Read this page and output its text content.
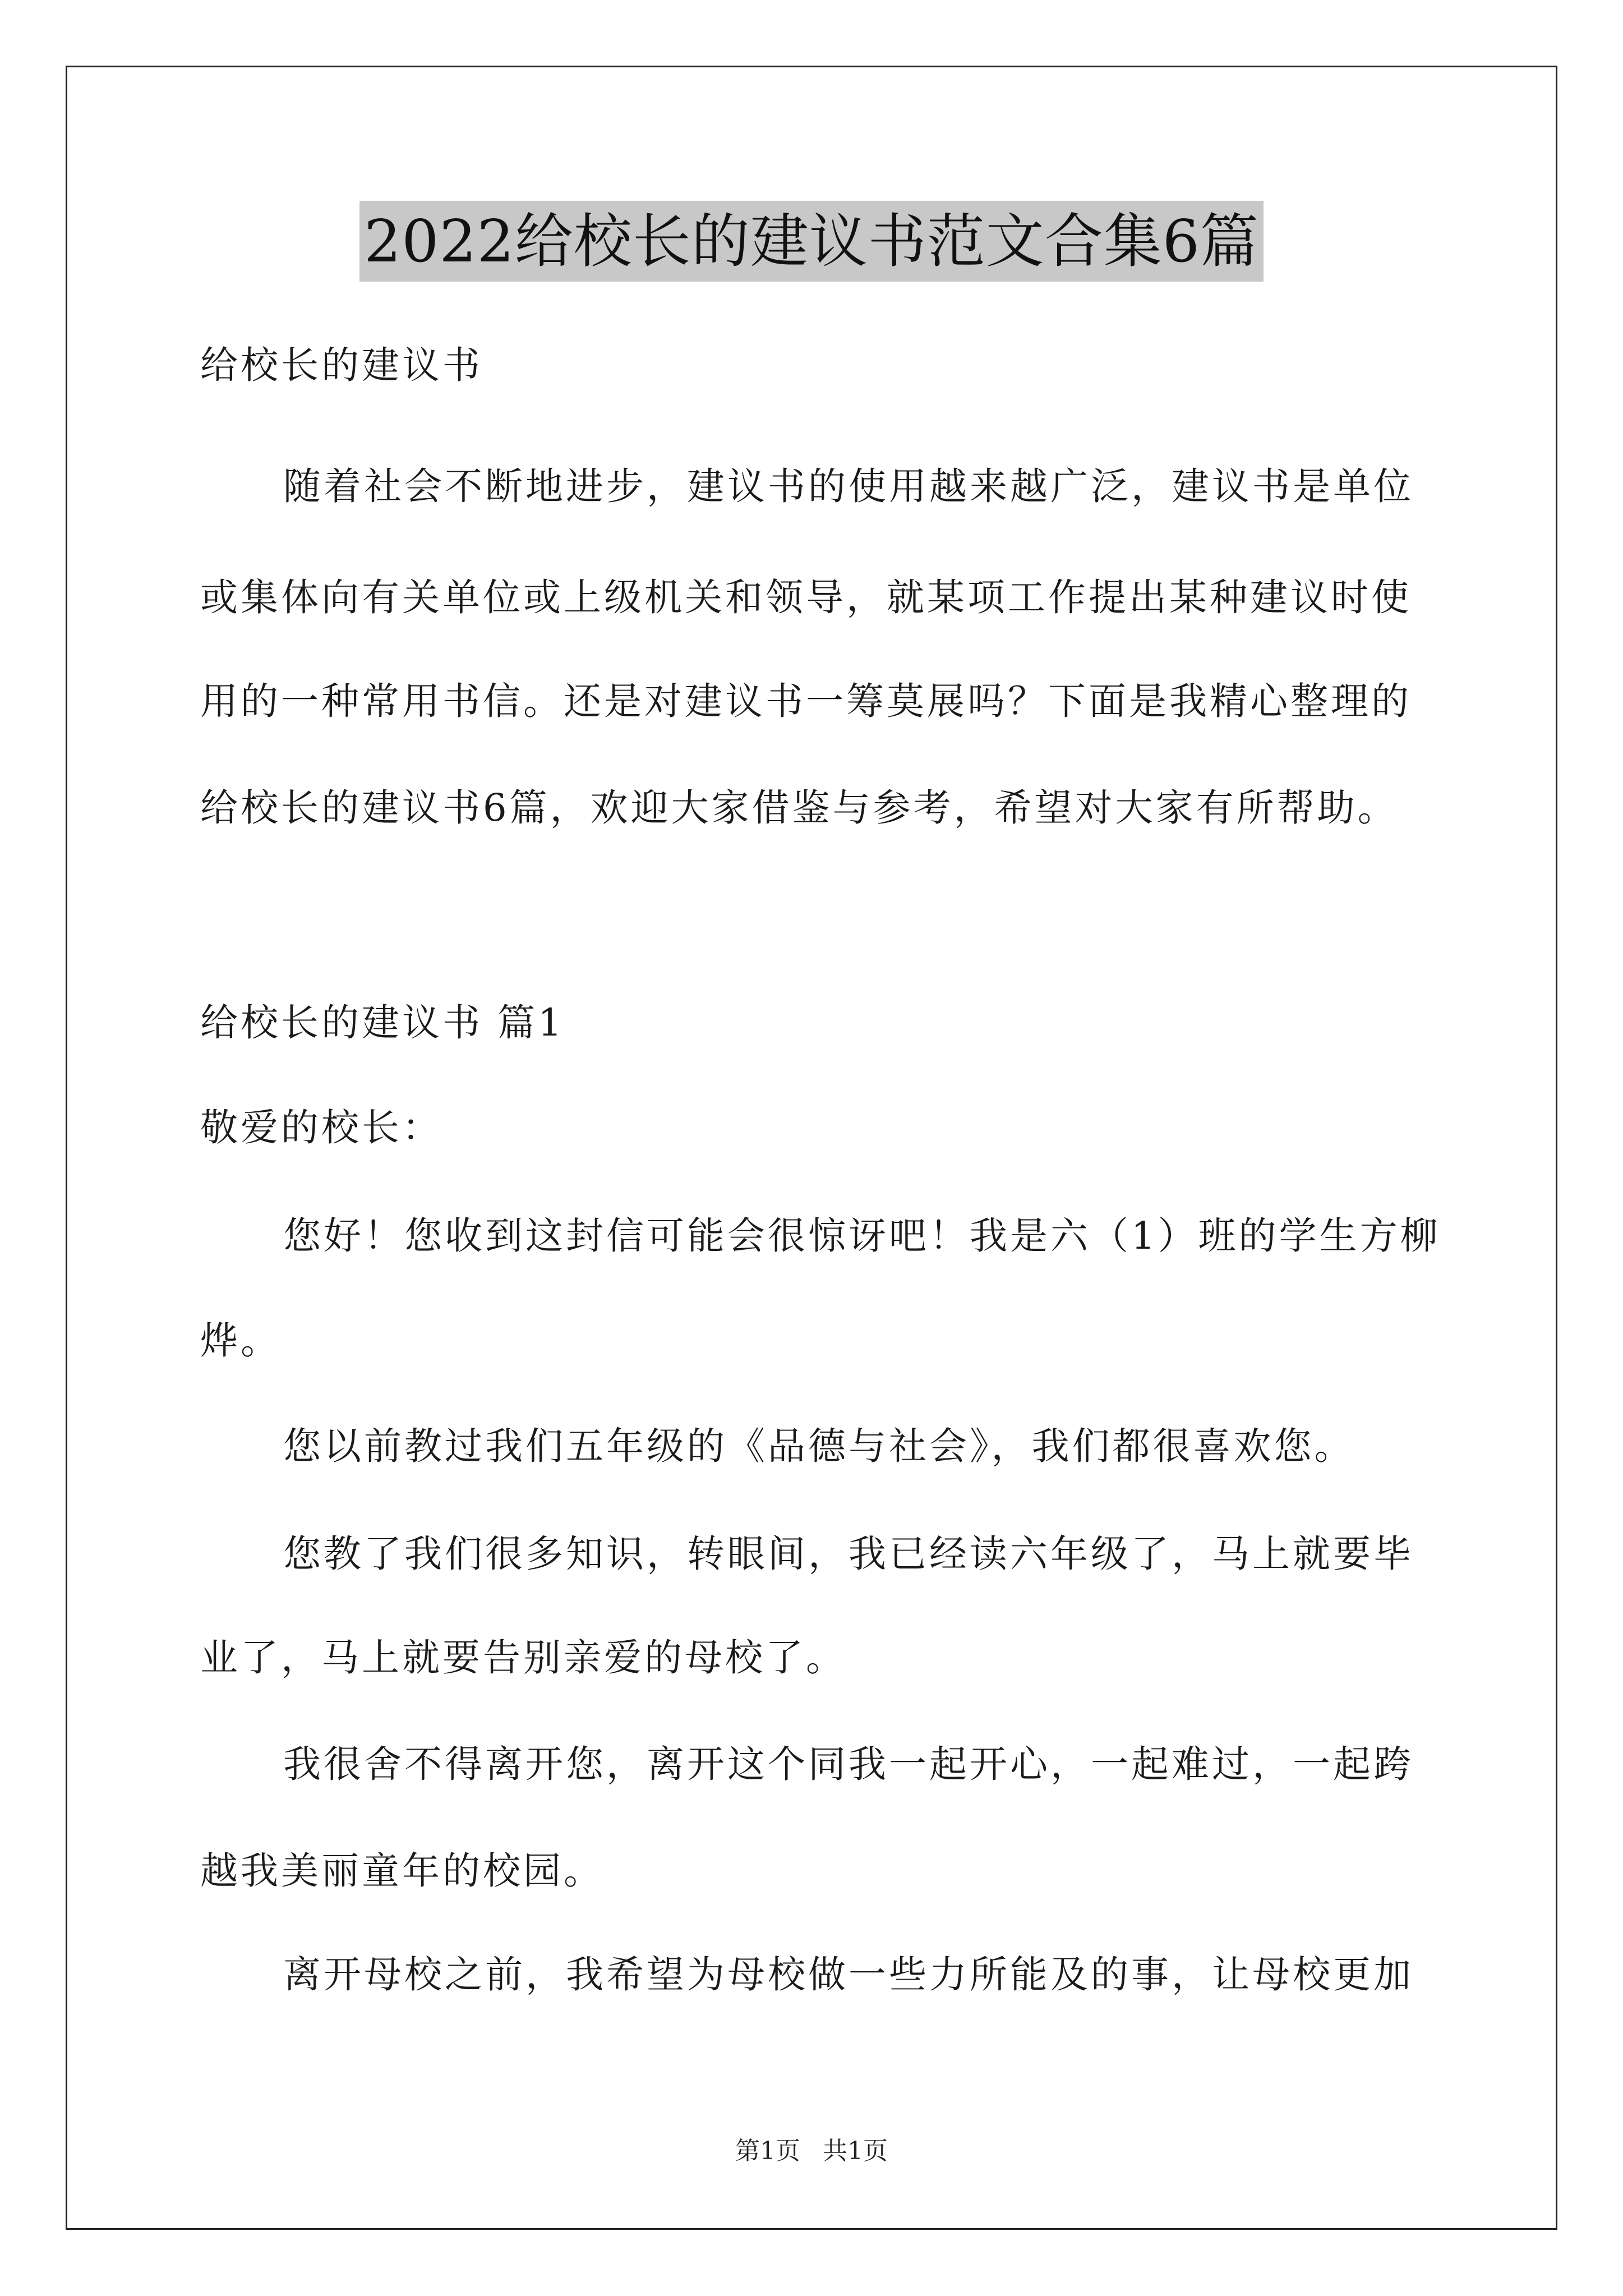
2022给校长的建议书范文合集6篇
给校长的建议书
随着社会不断地进步，建议书的使用越来越广泛，建议书是单位
或集体向有关单位或上级机关和领导，就某项工作提出某种建议时使
用的一种常用书信。还是对建议书一筹莫展吗？下面是我精心整理的
给校长的建议书6篇，欢迎大家借鉴与参考，希望对大家有所帮助。
给校长的建议书 篇1
敬爱的校长：
您好！您收到这封信可能会很惊讶吧！我是六（1）班的学生方柳
烨。
您以前教过我们五年级的《品德与社会》，我们都很喜欢您。
您教了我们很多知识，转眼间，我已经读六年级了，马上就要毕
业了，马上就要告别亲爱的母校了。
我很舍不得离开您，离开这个同我一起开心，一起难过，一起跨
越我美丽童年的校园。
离开母校之前，我希望为母校做一些力所能及的事，让母校更加
第1页 共1页
